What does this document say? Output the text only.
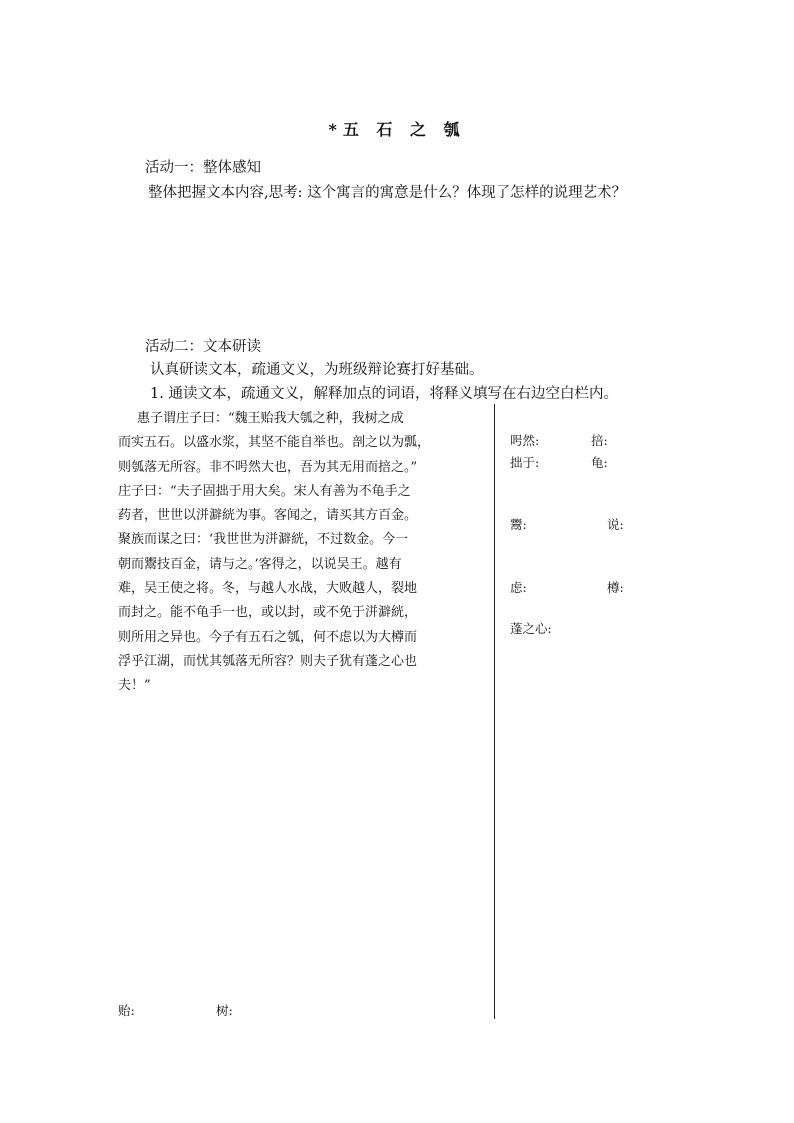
*五 石 之 瓠
活动一：整体感知
整体把握文本内容,思考: 这个寓言的寓意是什么？体现了怎样的说理艺术？
活动二：文本研读
认真研读文本，疏通文义，为班级辩论赛打好基础。
1. 通读文本，疏通文义，解释加点的词语，将释义填写在右边空白栏内。

惠子谓庄子曰：“魏王贻我大瓠之种，我树之成

而实五石。以盛水浆，其坚不能自举也。剖之以为瓢，

则瓠落无所容。非不呺然大也，吾为其无用而掊之。”

庄子曰：“夫子固拙于用大矣。宋人有善为不龟手之

药者，世世以洴澼絖为事。客闻之，请买其方百金。

聚族而谋之曰：‘我世世为洴澼絖，不过数金。今一

朝而鬻技百金，请与之。’客得之，以说吴王。越有

难，吴王使之将。冬，与越人水战，大败越人，裂地

而封之。能不龟手一也，或以封，或不免于洴澼絖，

则所用之异也。今子有五石之瓠，何不虑以为大樽而

浮乎江湖，而忧其瓠落无所容？则夫子犹有蓬之心也

夫！”

呺然:	掊:
拙于:	龟:
鬻:	说:
虑:	樽:
蓬之心:
贻:	树:
